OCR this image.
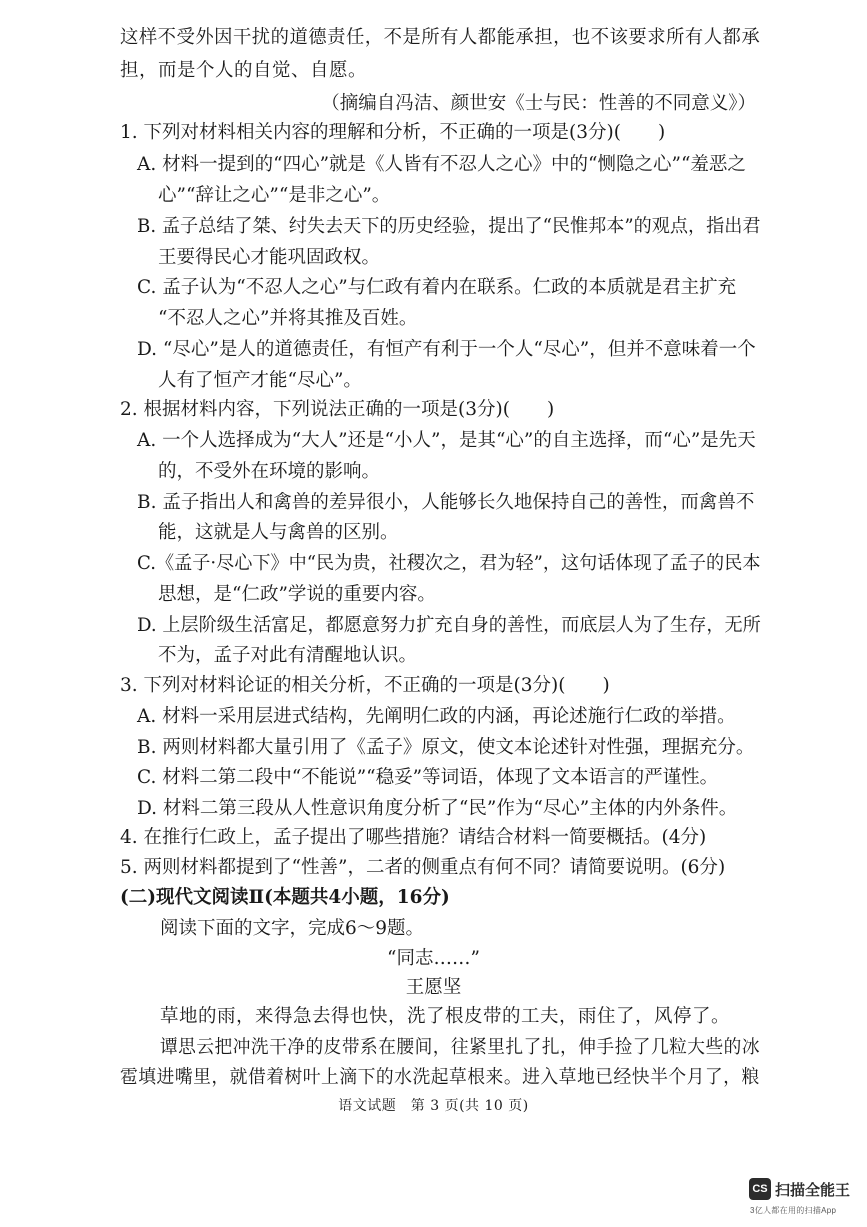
这样不受外因干扰的道德责任，不是所有人都能承担，也不该要求所有人都承
担，而是个人的自觉、自愿。
（摘编自冯洁、颜世安《士与民：性善的不同意义》）
1. 下列对材料相关内容的理解和分析，不正确的一项是(3分)(　　)
A. 材料一提到的“四心”就是《人皆有不忍人之心》中的“恻隐之心”“羞恶之
心”“辞让之心”“是非之心”。
B. 孟子总结了桀、纣失去天下的历史经验，提出了“民惟邦本”的观点，指出君
王要得民心才能巩固政权。
C. 孟子认为“不忍人之心”与仁政有着内在联系。仁政的本质就是君主扩充
“不忍人之心”并将其推及百姓。
D. “尽心”是人的道德责任，有恒产有利于一个人“尽心”，但并不意味着一个
人有了恒产才能“尽心”。
2. 根据材料内容，下列说法正确的一项是(3分)(　　)
A. 一个人选择成为“大人”还是“小人”，是其“心”的自主选择，而“心”是先天
的，不受外在环境的影响。
B. 孟子指出人和禽兽的差异很小，人能够长久地保持自己的善性，而禽兽不
能，这就是人与禽兽的区别。
C.《孟子·尽心下》中“民为贵，社稷次之，君为轻”，这句话体现了孟子的民本
思想，是“仁政”学说的重要内容。
D. 上层阶级生活富足，都愿意努力扩充自身的善性，而底层人为了生存，无所
不为，孟子对此有清醒地认识。
3. 下列对材料论证的相关分析，不正确的一项是(3分)(　　)
A. 材料一采用层进式结构，先阐明仁政的内涵，再论述施行仁政的举措。
B. 两则材料都大量引用了《孟子》原文，使文本论述针对性强，理据充分。
C. 材料二第二段中“不能说”“稳妥”等词语，体现了文本语言的严谨性。
D. 材料二第三段从人性意识角度分析了“民”作为“尽心”主体的内外条件。
4. 在推行仁政上，孟子提出了哪些措施？请结合材料一简要概括。(4分)
5. 两则材料都提到了“性善”，二者的侧重点有何不同？请简要说明。(6分)
(二)现代文阅读Ⅱ(本题共4小题，16分)
阅读下面的文字，完成6～9题。
“同志……”
王愿坚
草地的雨，来得急去得也快，洗了根皮带的工夫，雨住了，风停了。
谭思云把冲洗干净的皮带系在腰间，往紧里扎了扎，伸手捡了几粒大些的冰
雹填进嘴里，就借着树叶上滴下的水洗起草根来。进入草地已经快半个月了，粮
语文试题　第 3 页(共 10 页)
CS 扫描全能王
3亿人都在用的扫描App
